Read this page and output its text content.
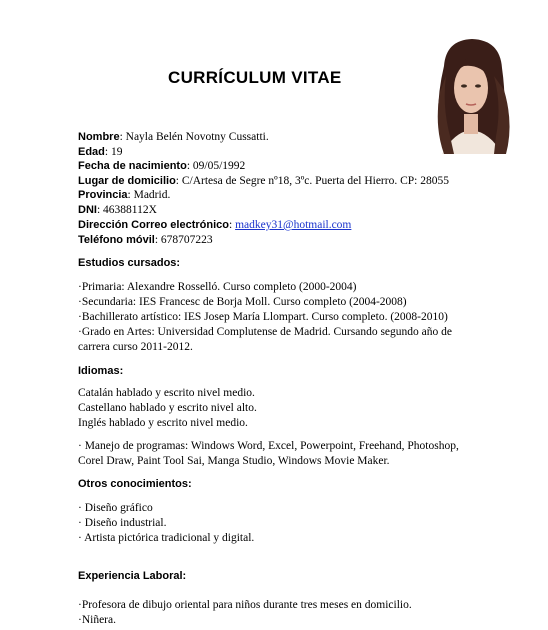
CURRÍCULUM VITAE
Nombre: Nayla Belén Novotny Cussatti.
Edad: 19
Fecha de nacimiento: 09/05/1992
Lugar de domicilio: C/Artesa de Segre nº18, 3ºc. Puerta del Hierro. CP: 28055
Provincia: Madrid.
DNI: 46388112X
Dirección Correo electrónico: madkey31@hotmail.com
Teléfono móvil: 678707223
Estudios cursados:
·Primaria: Alexandre Rosselló. Curso completo (2000-2004)
·Secundaria: IES Francesc de Borja Moll. Curso completo (2004-2008)
·Bachillerato artístico: IES Josep María Llompart. Curso completo. (2008-2010)
·Grado en Artes: Universidad Complutense de Madrid. Cursando segundo año de
carrera curso 2011-2012.
Idiomas:
Catalán hablado y escrito nivel medio.
Castellano hablado y escrito nivel alto.
Inglés hablado y escrito nivel medio.
· Manejo de programas: Windows Word, Excel, Powerpoint, Freehand, Photoshop,
Corel Draw, Paint Tool Sai, Manga Studio, Windows Movie Maker.
Otros conocimientos:
· Diseño gráfico
· Diseño industrial.
· Artista pictórica tradicional y digital.
Experiencia Laboral:
·Profesora de dibujo oriental para niños durante tres meses en domicilio.
·Niñera.
